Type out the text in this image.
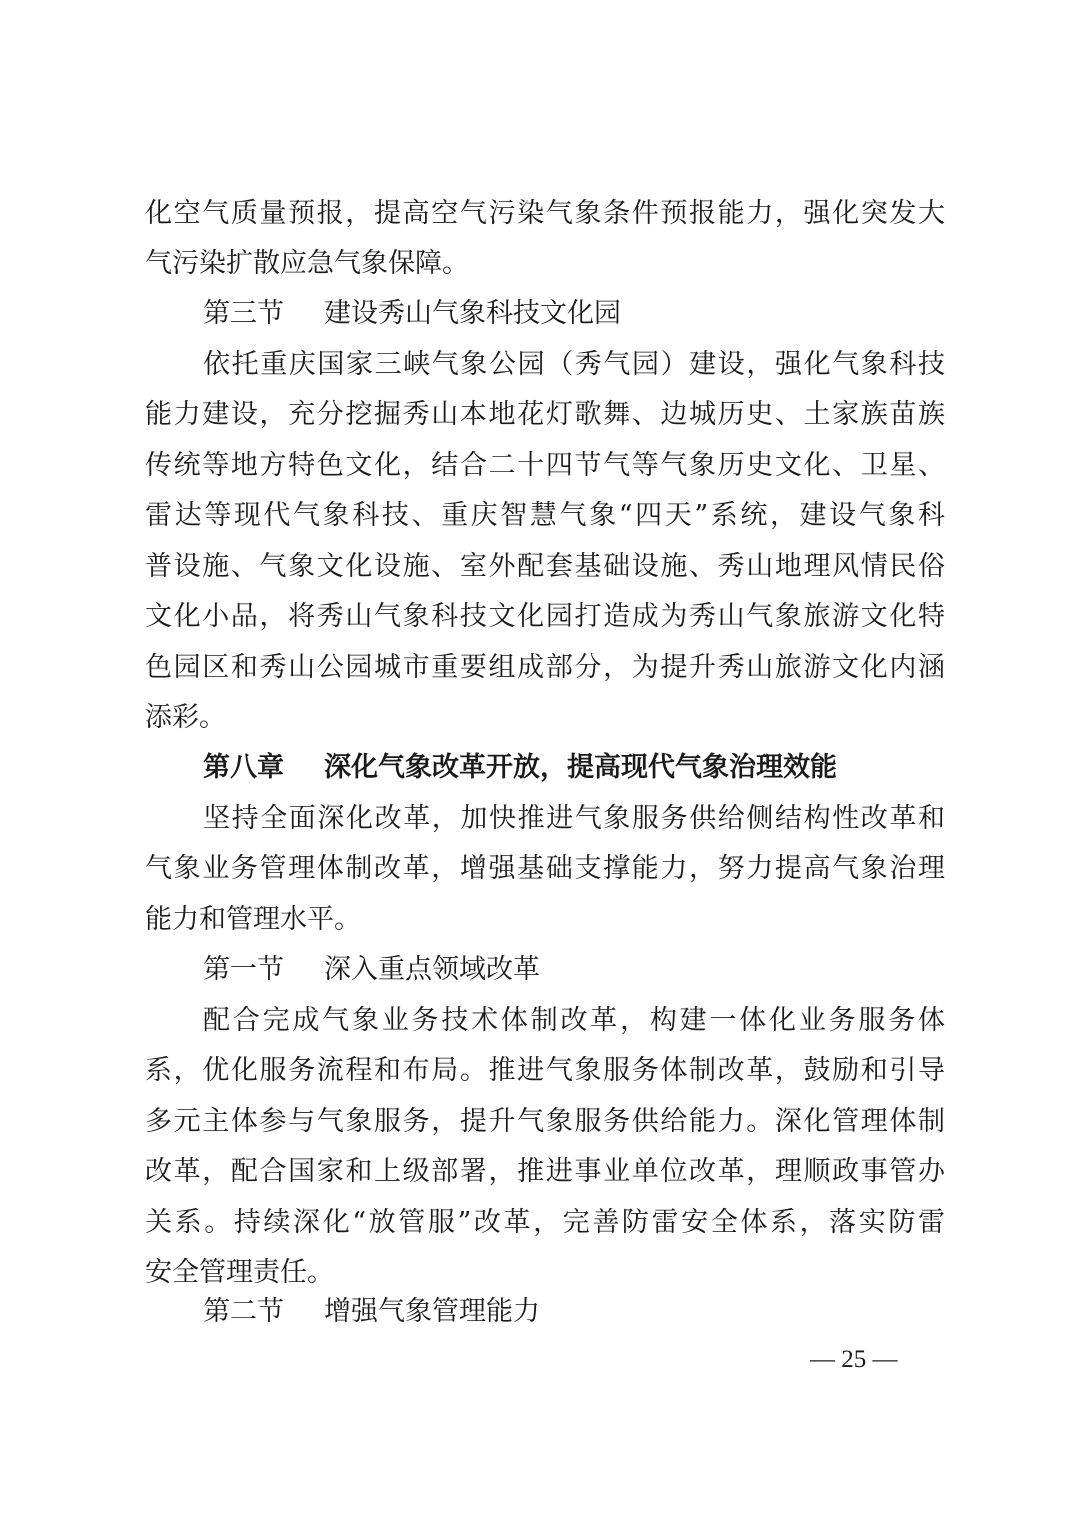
化空气质量预报，提高空气污染气象条件预报能力，强化突发大
气污染扩散应急气象保障。
第三节 建设秀山气象科技文化园
依托重庆国家三峡气象公园（秀气园）建设，强化气象科技
能力建设，充分挖掘秀山本地花灯歌舞、边城历史、土家族苗族
传统等地方特色文化，结合二十四节气等气象历史文化、卫星、
雷达等现代气象科技、重庆智慧气象“四天”系统，建设气象科
普设施、气象文化设施、室外配套基础设施、秀山地理风情民俗
文化小品，将秀山气象科技文化园打造成为秀山气象旅游文化特
色园区和秀山公园城市重要组成部分，为提升秀山旅游文化内涵
添彩。
第八章 深化气象改革开放，提高现代气象治理效能
坚持全面深化改革，加快推进气象服务供给侧结构性改革和
气象业务管理体制改革，增强基础支撑能力，努力提高气象治理
能力和管理水平。
第一节 深入重点领域改革
配合完成气象业务技术体制改革，构建一体化业务服务体
系，优化服务流程和布局。推进气象服务体制改革，鼓励和引导
多元主体参与气象服务，提升气象服务供给能力。深化管理体制
改革，配合国家和上级部署，推进事业单位改革，理顺政事管办
关系。持续深化“放管服”改革，完善防雷安全体系，落实防雷
安全管理责任。
第二节 增强气象管理能力
— 25 —
